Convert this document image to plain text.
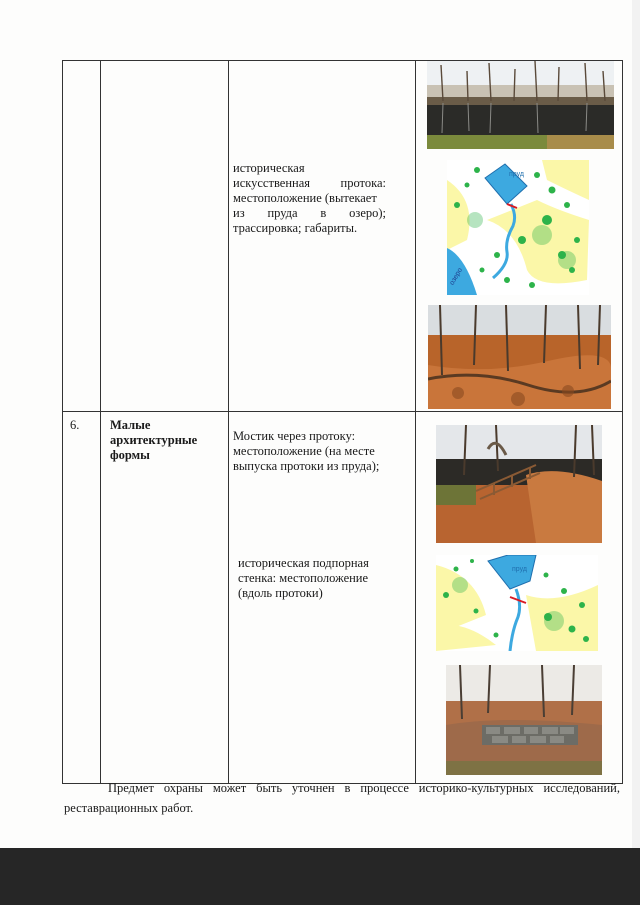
историческая
искусственная протока:
местоположение (вытекает
из пруда в озеро);
трассировка; габариты.
пруд
озеро
6. Малые
архитектурные
формы
Мостик через протоку:
местоположение (на месте
выпуска протоки из пруда);
историческая подпорная
стенка: местоположение
(вдоль протоки)
пруд
Предмет охраны может быть уточнен в процессе историко-культурных исследований,
реставрационных работ.
